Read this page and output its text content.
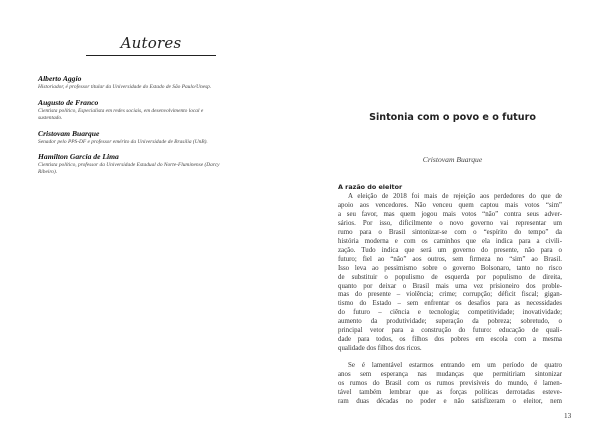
Autores
Alberto Aggio
Historiador, é professor titular da Universidade do Estado de São Paulo/Unesp.
Augusto de Franco
Cientista político, Especialista em redes sociais, em desenvolvimento local e
sustentado.
Cristovam Buarque
Senador pelo PPS-DF e professor emérito da Universidade de Brasília (UnB).
Hamilton Garcia de Lima
Cientista político, professor da Universidade Estadual do Norte-Fluminense (Darcy
Ribeiro).
Sintonia com o povo e o futuro
Cristovam Buarque
A razão do eleitor
A eleição de 2018 foi mais de rejeição aos perdedores do que de
apoio aos vencedores. Não venceu quem captou mais votos “sim”
a seu favor, mas quem jogou mais votos “não” contra seus adver-
sários. Por isso, dificilmente o novo governo vai representar um
rumo para o Brasil sintonizar-se com o “espírito do tempo” da
história moderna e com os caminhos que ela indica para a civili-
zação. Tudo indica que será um governo do presente, não para o
futuro; fiel ao “não” aos outros, sem firmeza no “sim” ao Brasil.
Isso leva ao pessimismo sobre o governo Bolsonaro, tanto no risco
de substituir o populismo de esquerda por populismo de direita,
quanto por deixar o Brasil mais uma vez prisioneiro dos proble-
mas do presente – violência; crime; corrupção; déficit fiscal; gigan-
tismo do Estado – sem enfrentar os desafios para as necessidades
do futuro – ciência e tecnologia; competitividade; inovatividade;
aumento da produtividade; superação da pobreza; sobretudo, o
principal vetor para a construção do futuro: educação de quali-
dade para todos, os filhos dos pobres em escola com a mesma
qualidade dos filhos dos ricos.
Se é lamentável estarmos entrando em um período de quatro
anos sem esperança nas mudanças que permitiriam sintonizar
os rumos do Brasil com os rumos previsíveis do mundo, é lamen-
tável também lembrar que as forças políticas derrotadas esteve-
ram duas décadas no poder e não satisfizeram o eleitor, nem
13
